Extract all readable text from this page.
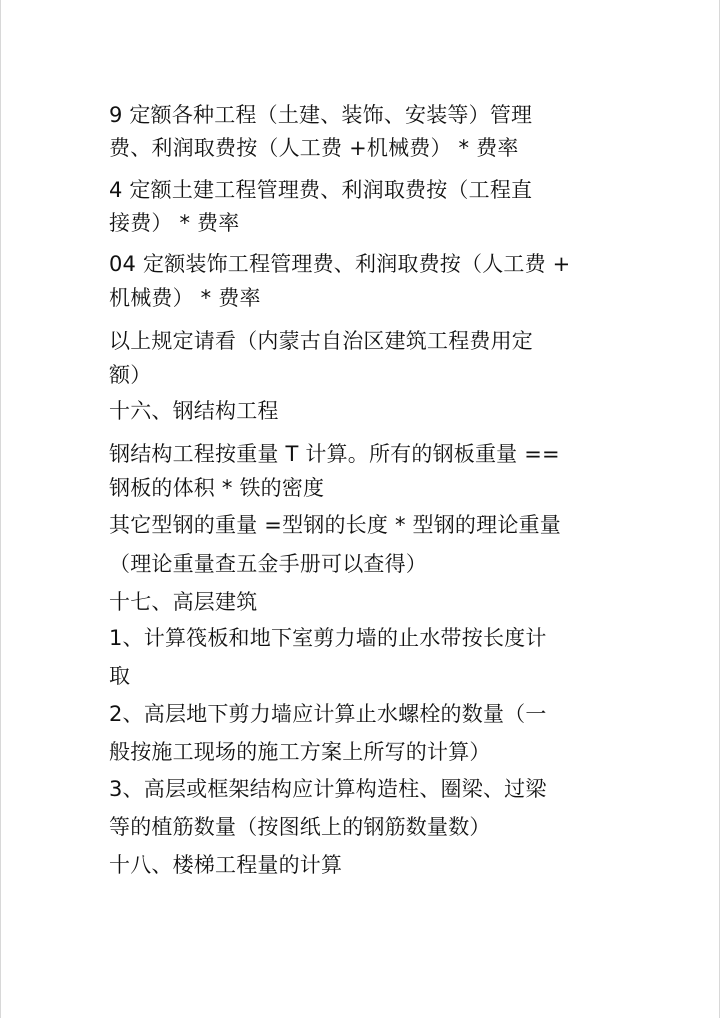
9 定额各种工程（土建、装饰、安装等）管理
费、利润取费按（人工费 +机械费） * 费率
4 定额土建工程管理费、利润取费按（工程直
接费） * 费率
04 定额装饰工程管理费、利润取费按（人工费 +
机械费） * 费率
以上规定请看（内蒙古自治区建筑工程费用定
额）
十六、钢结构工程
钢结构工程按重量 T 计算。所有的钢板重量 ==
钢板的体积 * 铁的密度
其它型钢的重量 =型钢的长度 * 型钢的理论重量
（理论重量查五金手册可以查得）
十七、高层建筑
1、计算筏板和地下室剪力墙的止水带按长度计
取
2、高层地下剪力墙应计算止水螺栓的数量（一
般按施工现场的施工方案上所写的计算）
3、高层或框架结构应计算构造柱、圈梁、过梁
等的植筋数量（按图纸上的钢筋数量数）
十八、楼梯工程量的计算
